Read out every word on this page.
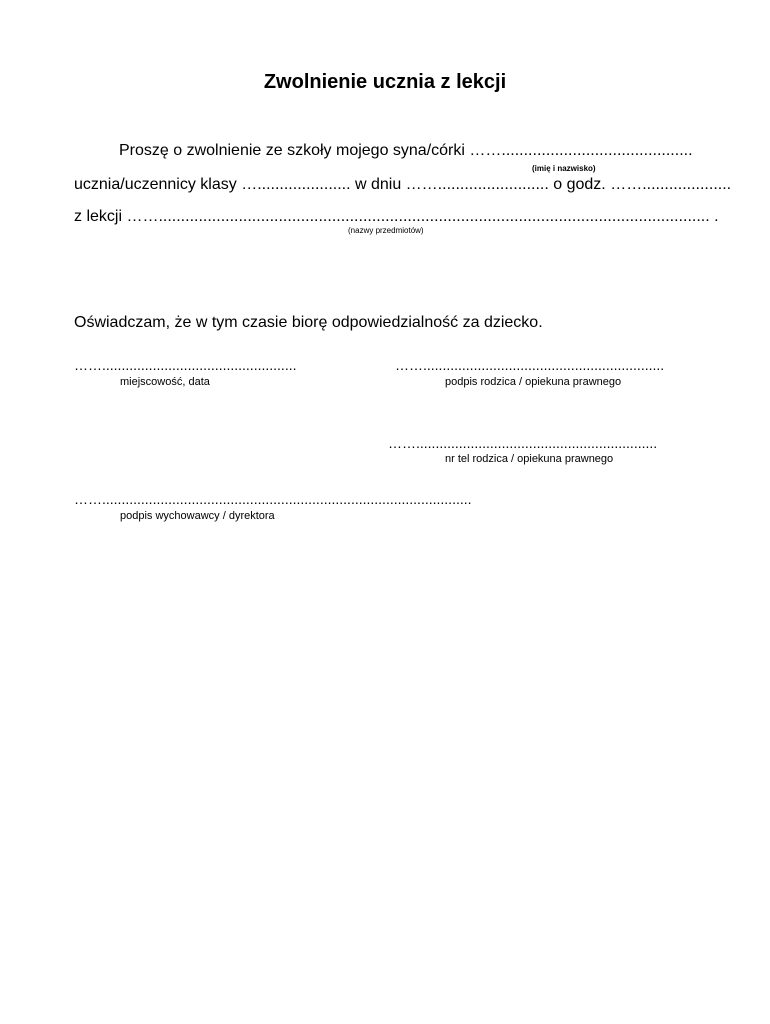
Zwolnienie ucznia z lekcji
Proszę o zwolnienie ze szkoły mojego syna/córki ……...........................................
(imię i nazwisko)
ucznia/uczennicy klasy …..................... w dniu ……......................... o godz. ……....................
z lekcji ……............................................................................................................................ .
(nazwy przedmiotów)
Oświadczam, że w tym czasie biorę odpowiedzialność za dziecko.
……..................................................
miejscowość, data
……..............................................................
podpis rodzica / opiekuna prawnego
……..............................................................
nr tel rodzica / opiekuna prawnego
……...............................................................................................
podpis wychowawcy / dyrektora
